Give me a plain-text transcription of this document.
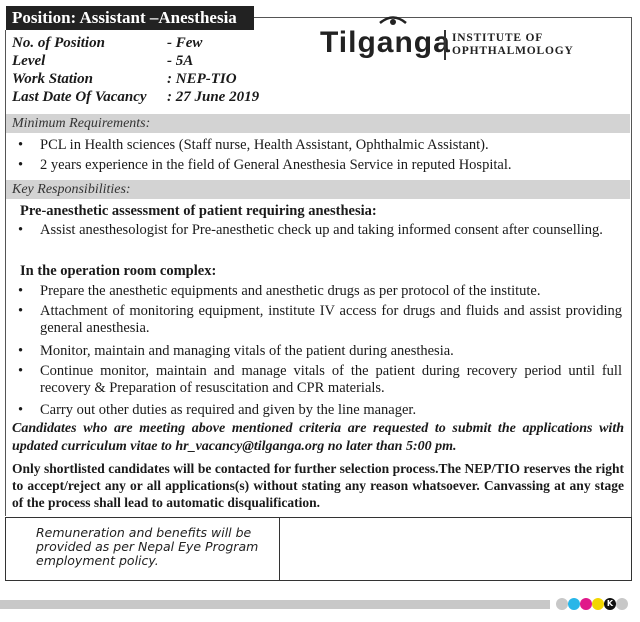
Position: Assistant –Anesthesia
No. of Position	- Few
Level	- 5A
Work Station	: NEP-TIO
Last Date Of Vacancy : 27 June 2019
Minimum Requirements:
• PCL in Health sciences (Staff nurse, Health Assistant, Ophthalmic Assistant).
• 2 years experience in the field of General Anesthesia Service in reputed Hospital.
Key Responsibilities:
Pre-anesthetic assessment of patient requiring anesthesia:
• Assist anesthesologist for Pre-anesthetic check up and taking informed consent after counselling.
In the operation room complex:
• Prepare the anesthetic equipments and anesthetic drugs as per protocol of the institute.
• Attachment of monitoring equipment, institute IV access for drugs and fluids and assist providing general anesthesia.
• Monitor, maintain and managing vitals of the patient during anesthesia.
• Continue monitor, maintain and manage vitals of the patient during recovery period until full recovery & Preparation of resuscitation and CPR materials.
• Carry out other duties as required and given by the line manager.
Candidates who are meeting above mentioned criteria are requested to submit the applications with updated curriculum vitae to hr_vacancy@tilganga.org no later than 5:00 pm.
Only shortlisted candidates will be contacted for further selection process.The NEP/TIO reserves the right to accept/reject any or all applications(s) without stating any reason whatsoever. Canvassing at any stage of the process shall lead to automatic disqualification.
Remuneration and benefits will be provided as per Nepal Eye Program employment policy.
Tilganga INSTITUTE OF
OPHTHALMOLOGY
K
